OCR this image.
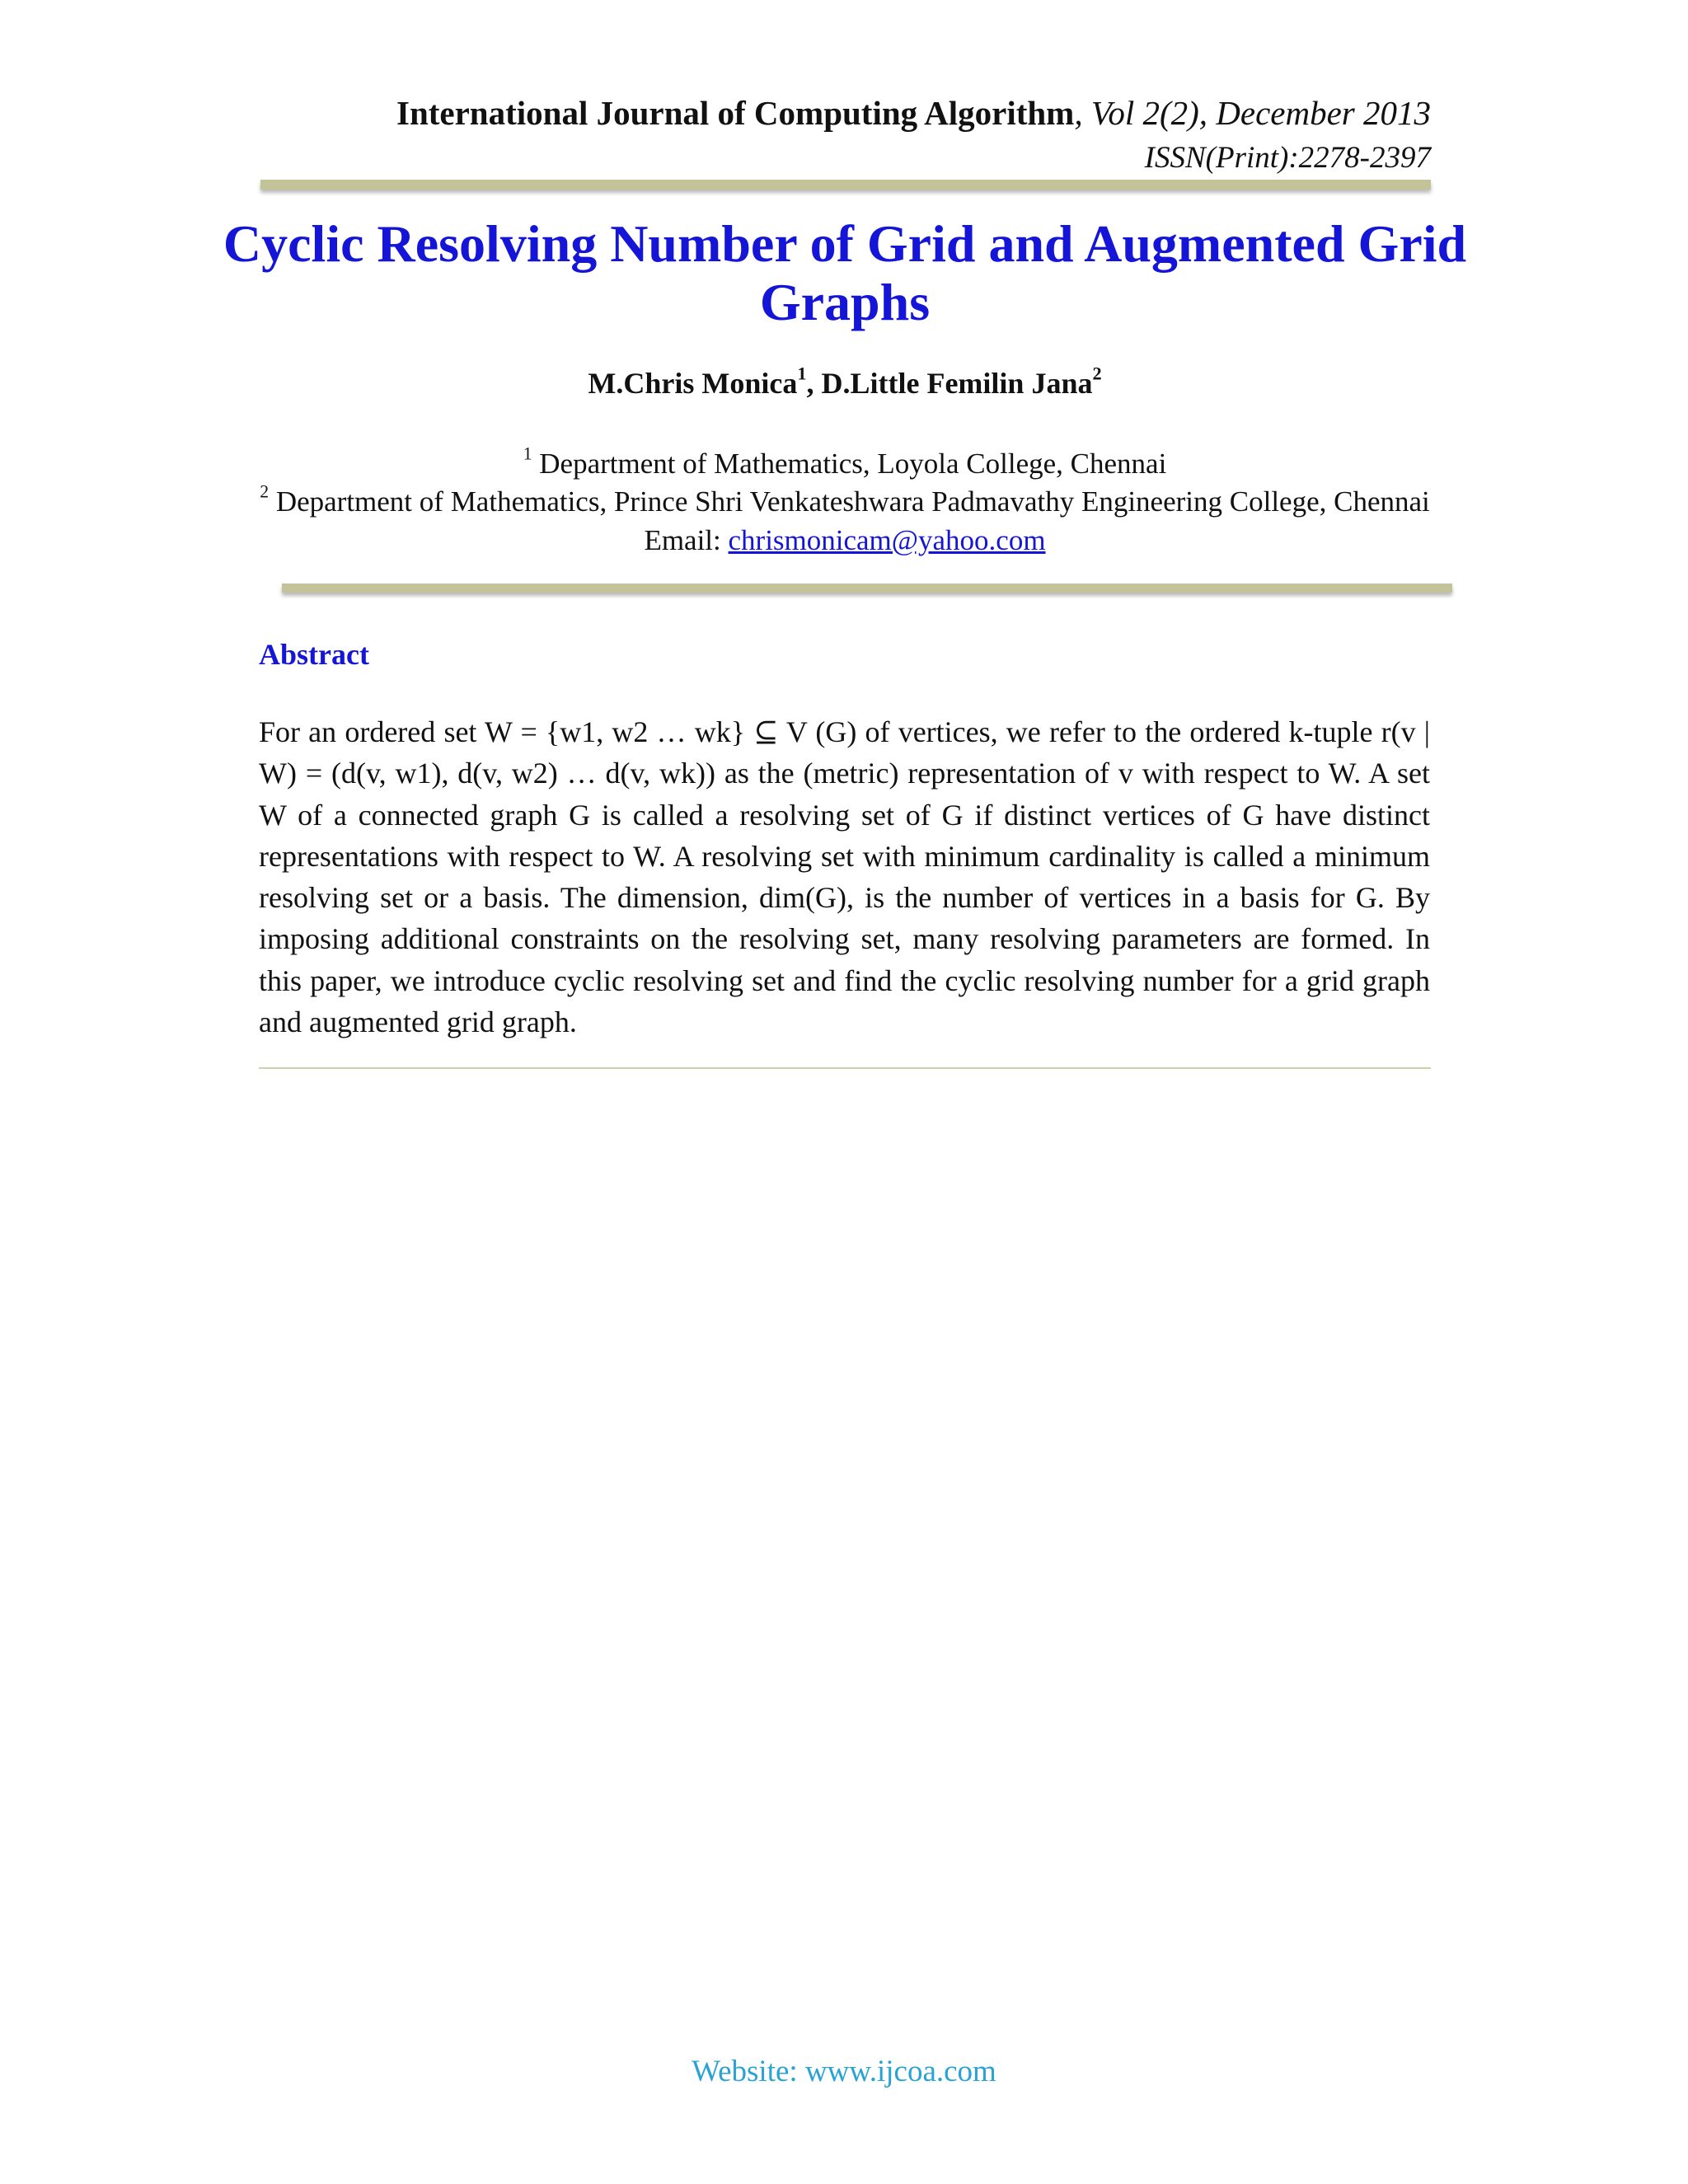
International Journal of Computing Algorithm, Vol 2(2), December 2013
ISSN(Print):2278-2397
Cyclic Resolving Number of Grid and Augmented Grid Graphs
M.Chris Monica$^1$, D.Little Femilin Jana$^2$
$^1$ Department of Mathematics, Loyola College, Chennai
$^2$ Department of Mathematics, Prince Shri Venkateshwara Padmavathy Engineering College, Chennai
Email: chrismonicam@yahoo.com
Abstract

For an ordered set W = {w1, w2 … wk} ⊆ V (G) of vertices, we refer to the ordered k-tuple r(v | W) = (d(v, w1), d(v, w2) … d(v, wk)) as the (metric) representation of v with respect to W. A set W of a connected graph G is called a resolving set of G if distinct vertices of G have distinct representations with respect to W. A resolving set with minimum cardinality is called a minimum resolving set or a basis. The dimension, dim(G), is the number of vertices in a basis for G. By imposing additional constraints on the resolving set, many resolving parameters are formed. In this paper, we introduce cyclic resolving set and find the cyclic resolving number for a grid graph and augmented grid graph.

Website: www.ijcoa.com
